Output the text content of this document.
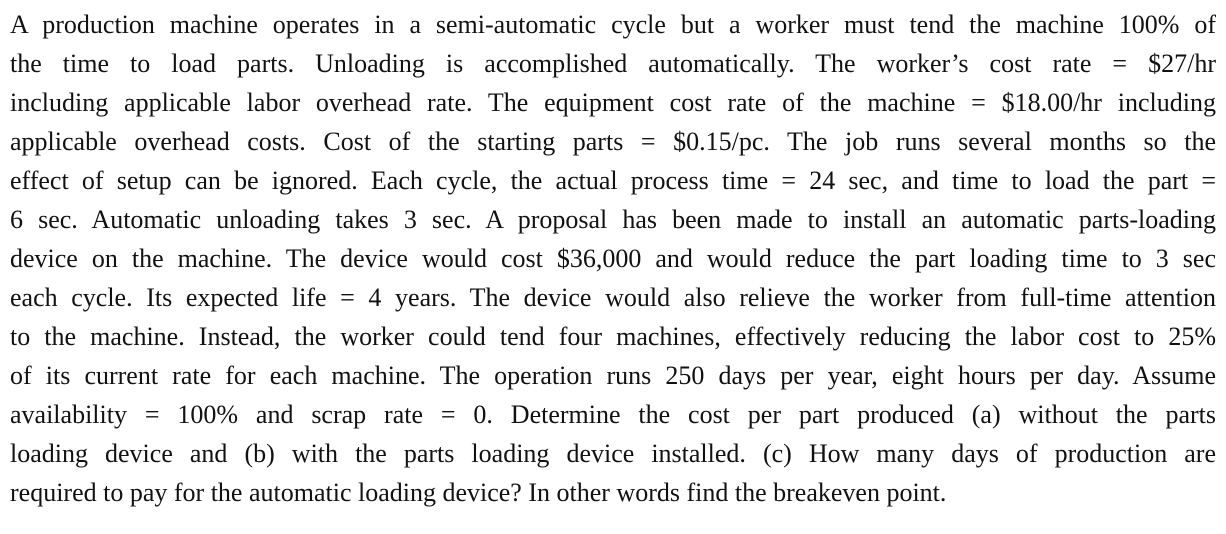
A production machine operates in a semi-automatic cycle but a worker must tend the machine 100% of
the time to load parts. Unloading is accomplished automatically. The worker’s cost rate = $27/hr
including applicable labor overhead rate. The equipment cost rate of the machine = $18.00/hr including
applicable overhead costs. Cost of the starting parts = $0.15/pc. The job runs several months so the
effect of setup can be ignored. Each cycle, the actual process time = 24 sec, and time to load the part =
6 sec. Automatic unloading takes 3 sec. A proposal has been made to install an automatic parts-loading
device on the machine. The device would cost $36,000 and would reduce the part loading time to 3 sec
each cycle. Its expected life = 4 years. The device would also relieve the worker from full-time attention
to the machine. Instead, the worker could tend four machines, effectively reducing the labor cost to 25%
of its current rate for each machine. The operation runs 250 days per year, eight hours per day. Assume
availability = 100% and scrap rate = 0. Determine the cost per part produced (a) without the parts
loading device and (b) with the parts loading device installed. (c) How many days of production are
required to pay for the automatic loading device? In other words find the breakeven point.
